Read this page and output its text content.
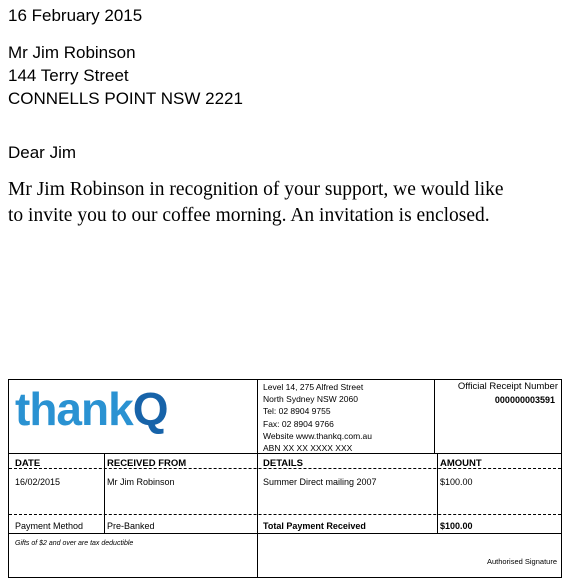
16 February 2015
Mr Jim Robinson
144 Terry Street
CONNELLS POINT NSW 2221
Dear Jim
Mr Jim Robinson in recognition of your support, we would like
to invite you to our coffee morning. An invitation is enclosed.
thankQ	Level 14, 275 Alfred Street
North Sydney NSW 2060
Tel: 02 8904 9755
Fax: 02 8904 9766
Website www.thankq.com.au
ABN XX XX XXXX XXX
Official Receipt Number
000000003591
DATE	RECEIVED FROM	DETAILS	AMOUNT
16/02/2015	Mr Jim Robinson	Summer Direct mailing 2007	$100.00
Payment Method	Pre-Banked	Total Payment Received	$100.00
Gifts of $2 and over are tax deductible
Authorised Signature
